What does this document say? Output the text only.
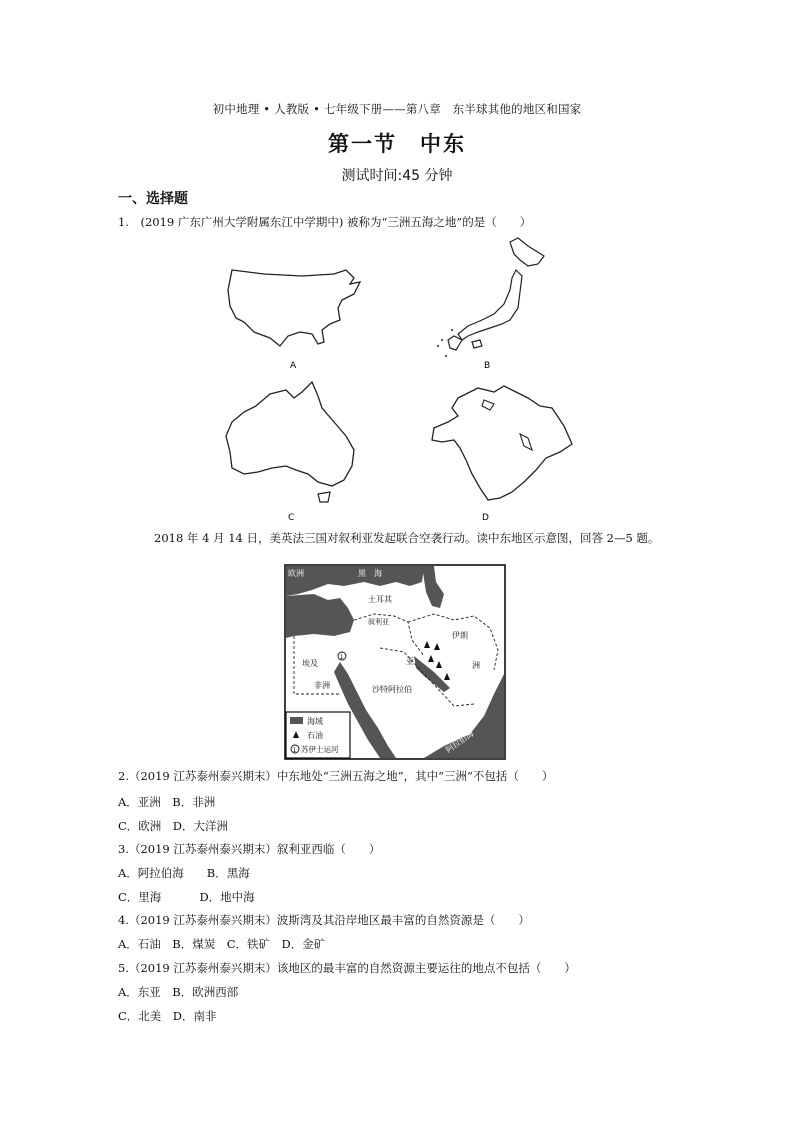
初中地理 • 人教版 • 七年级下册——第八章　东半球其他的地区和国家
第一节　中东
测试时间:45 分钟
一、选择题
1.　(2019 广东广州大学附属东江中学期中) 被称为“三洲五海之地”的是（　　）
A	B
C	D
2018 年 4 月 14 日，美英法三国对叙利亚发起联合空袭行动。读中东地区示意图，回答 2—5 题。
1
欧洲	黑　海
土耳其
叙利亚
伊朗
埃及
非洲
亚	洲
沙特阿拉伯
阿拉伯海
海域
石油
1 苏伊士运河
2.（2019 江苏泰州泰兴期末）中东地处“三洲五海之地”，其中“三洲”不包括（　　）
A．亚洲　B．非洲
C．欧洲　D．大洋洲
3.（2019 江苏泰州泰兴期末）叙利亚西临（　　）
A．阿拉伯海　　B．黑海
C．里海　　　 D．地中海
4.（2019 江苏泰州泰兴期末）波斯湾及其沿岸地区最丰富的自然资源是（　　）
A．石油　B．煤炭　C．铁矿　D．金矿
5.（2019 江苏泰州泰兴期末）该地区的最丰富的自然资源主要运往的地点不包括（　　）
A．东亚　B．欧洲西部
C．北美　D．南非
